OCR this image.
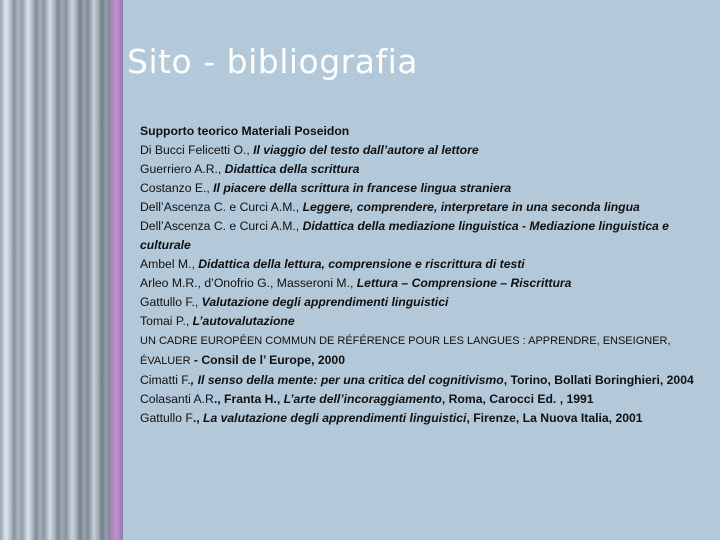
Sito - bibliografia
Supporto teorico Materiali Poseidon
Di Bucci Felicetti O., Il viaggio del testo dall’autore al lettore
Guerriero A.R., Didattica della scrittura
Costanzo E., Il piacere della scrittura in francese lingua straniera
Dell’Ascenza C. e Curci A.M., Leggere, comprendere, interpretare in una seconda lingua
Dell’Ascenza C. e Curci A.M., Didattica della mediazione linguistica - Mediazione linguistica e culturale
Ambel M., Didattica della lettura, comprensione e riscrittura di testi
Arleo M.R., d’Onofrio G., Masseroni M., Lettura – Comprensione – Riscrittura
Gattullo F., Valutazione degli apprendimenti linguistici
Tomai P., L’autovalutazione
UN CADRE EUROPÉEN COMMUN DE RÉFÉRENCE POUR LES LANGUES : APPRENDRE, ENSEIGNER, ÉVALUER - Consil de l’ Europe, 2000
Cimatti F., Il senso della mente: per una critica del cognitivismo, Torino, Bollati Boringhieri, 2004
Colasanti A.R., Franta H., L’arte dell’incoraggiamento, Roma, Carocci Ed. , 1991
Gattullo F., La valutazione degli apprendimenti linguistici, Firenze, La Nuova Italia, 2001
